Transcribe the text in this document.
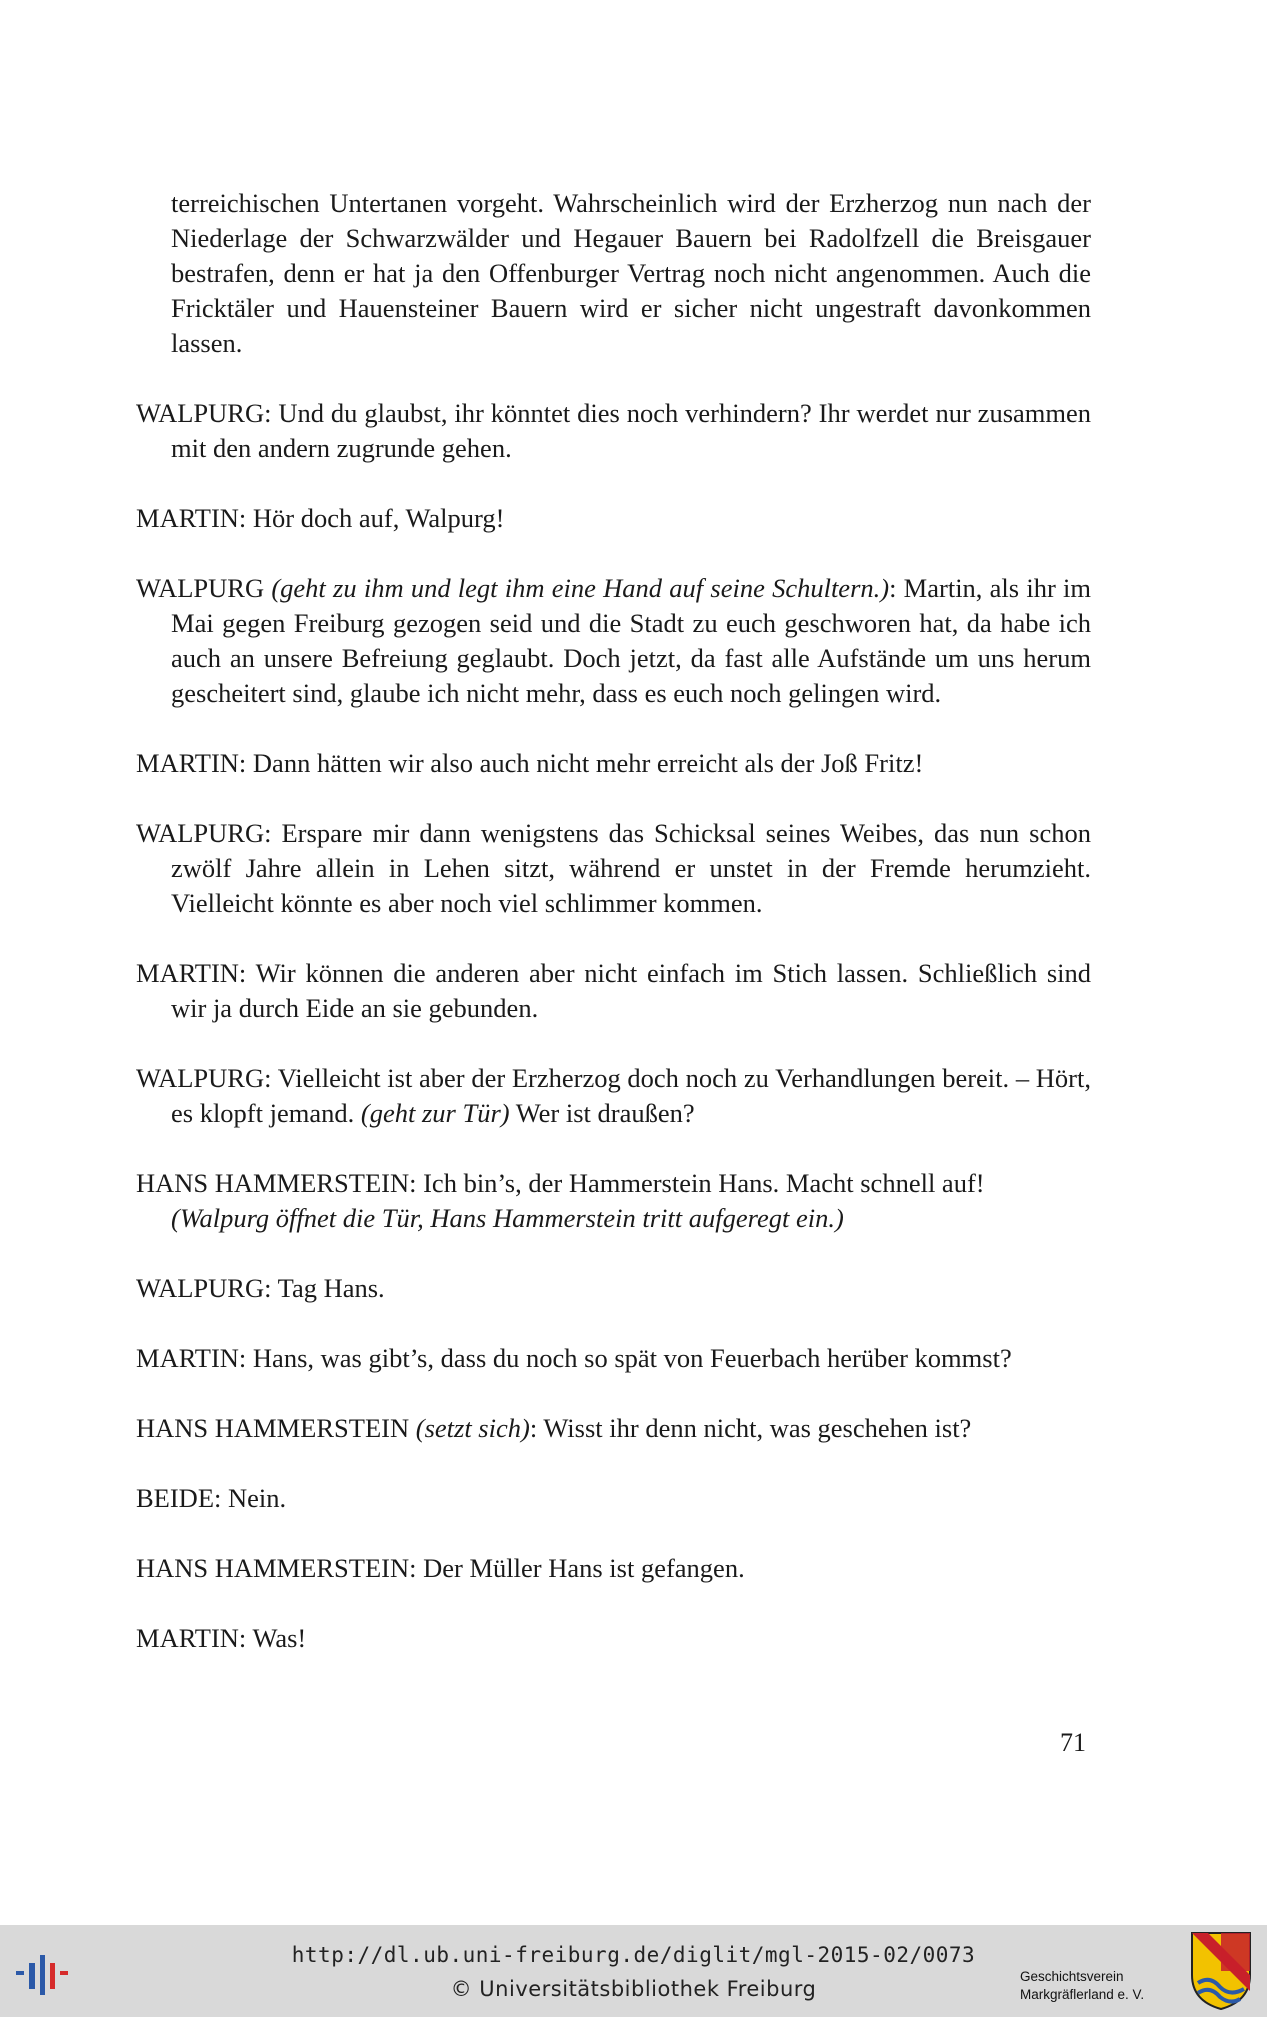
terreichischen Untertanen vorgeht. Wahrscheinlich wird der Erzherzog nun nach der Niederlage der Schwarzwälder und Hegauer Bauern bei Radolfzell die Breisgauer bestrafen, denn er hat ja den Offenburger Vertrag noch nicht angenommen. Auch die Fricktäler und Hauensteiner Bauern wird er sicher nicht ungestraft davonkommen lassen.

WALPURG: Und du glaubst, ihr könntet dies noch verhindern? Ihr werdet nur zusammen mit den andern zugrunde gehen.

MARTIN: Hör doch auf, Walpurg!

WALPURG (geht zu ihm und legt ihm eine Hand auf seine Schultern.): Martin, als ihr im Mai gegen Freiburg gezogen seid und die Stadt zu euch geschworen hat, da habe ich auch an unsere Befreiung geglaubt. Doch jetzt, da fast alle Aufstände um uns herum gescheitert sind, glaube ich nicht mehr, dass es euch noch gelingen wird.

MARTIN: Dann hätten wir also auch nicht mehr erreicht als der Joß Fritz!

WALPURG: Erspare mir dann wenigstens das Schicksal seines Weibes, das nun schon zwölf Jahre allein in Lehen sitzt, während er unstet in der Fremde herumzieht. Vielleicht könnte es aber noch viel schlimmer kommen.

MARTIN: Wir können die anderen aber nicht einfach im Stich lassen. Schließlich sind wir ja durch Eide an sie gebunden.

WALPURG: Vielleicht ist aber der Erzherzog doch noch zu Verhandlungen bereit. – Hört, es klopft jemand. (geht zur Tür) Wer ist draußen?

HANS HAMMERSTEIN: Ich bin’s, der Hammerstein Hans. Macht schnell auf!
(Walpurg öffnet die Tür, Hans Hammerstein tritt aufgeregt ein.)

WALPURG: Tag Hans.

MARTIN: Hans, was gibt’s, dass du noch so spät von Feuerbach herüber kommst?

HANS HAMMERSTEIN (setzt sich): Wisst ihr denn nicht, was geschehen ist?

BEIDE: Nein.

HANS HAMMERSTEIN: Der Müller Hans ist gefangen.

MARTIN: Was!

71
http://dl.ub.uni-freiburg.de/diglit/mgl-2015-02/0073
© Universitätsbibliothek Freiburg
Geschichtsverein
Markgräflerland e. V.
